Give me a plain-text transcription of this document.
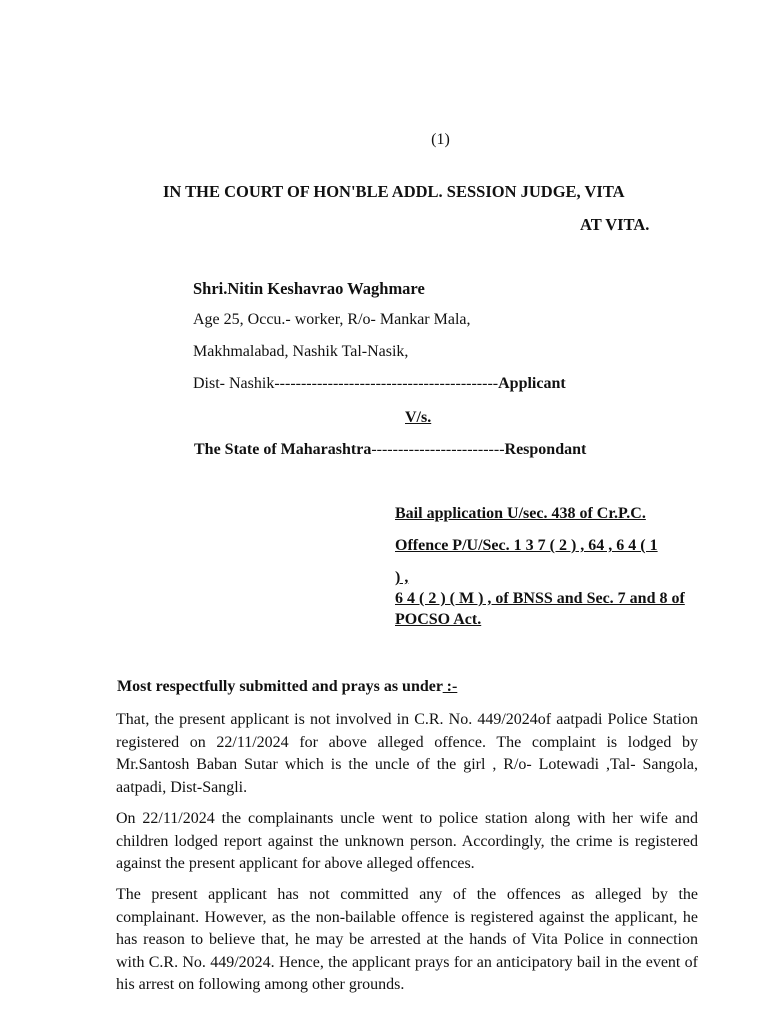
(1)
IN THE COURT OF HON'BLE ADDL. SESSION JUDGE, VITA
AT VITA.
Shri.Nitin Keshavrao Waghmare
Age 25, Occu.- worker, R/o- Mankar Mala,
Makhmalabad, Nashik Tal-Nasik,
Dist- Nashik------------------------------------------Applicant
V/s.
The State of Maharashtra-------------------------Respondant
Bail application U/sec. 438 of Cr.P.C.
Offence P/U/Sec. 1 3 7 ( 2 ) , 64 , 6 4 ( 1
) ,
6 4 ( 2 ) ( M ) , of BNSS and Sec. 7 and 8 of POCSO Act.
Most respectfully submitted and prays as under :-

That, the present applicant is not involved in C.R. No. 449/2024of aatpadi Police Station registered on 22/11/2024 for above alleged offence. The complaint is lodged by Mr.Santosh Baban Sutar which is the uncle of the girl , R/o- Lotewadi ,Tal- Sangola, aatpadi, Dist-Sangli.

On 22/11/2024 the complainants uncle went to police station along with her wife and children lodged report against the unknown person. Accordingly, the crime is registered against the present applicant for above alleged offences.

The present applicant has not committed any of the offences as alleged by the complainant. However, as the non-bailable offence is registered against the applicant, he has reason to believe that, he may be arrested at the hands of Vita Police in connection with C.R. No. 449/2024. Hence, the applicant prays for an anticipatory bail in the event of his arrest on following among other grounds.
